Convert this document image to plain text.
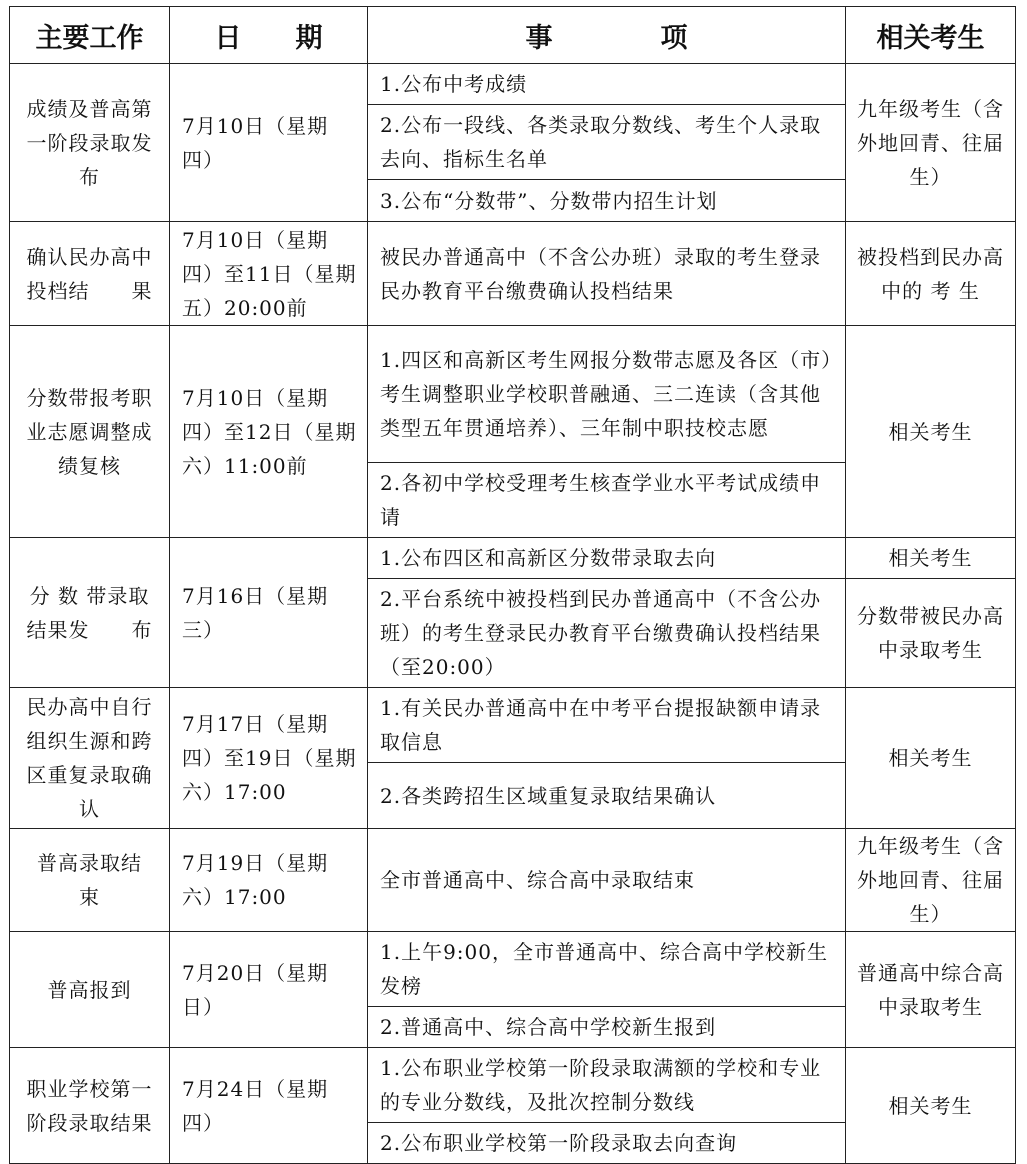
主要工作	日　　期	事　　　　项	相关考生
成绩及普高第一阶段录取发布	7月10日（星期四）	1.公布中考成绩	九年级考生（含外地回青、往届生）
		2.公布一段线、各类录取分数线、考生个人录取去向、指标生名单	
		3.公布“分数带”、分数带内招生计划	
确认民办高中投档结　　果	7月10日（星期四）至11日（星期五）20:00前	被民办普通高中（不含公办班）录取的考生登录民办教育平台缴费确认投档结果	被投档到民办高中的 考 生
分数带报考职业志愿调整成绩复核	7月10日（星期四）至12日（星期六）11:00前	1.四区和高新区考生网报分数带志愿及各区（市）考生调整职业学校职普融通、三二连读（含其他类型五年贯通培养）、三年制中职技校志愿	相关考生
		2.各初中学校受理考生核查学业水平考试成绩申请	
分 数 带录取结果发　　布	7月16日（星期三）	1.公布四区和高新区分数带录取去向	相关考生
		2.平台系统中被投档到民办普通高中（不含公办班）的考生登录民办教育平台缴费确认投档结果（至20:00）	分数带被民办高中录取考生
民办高中自行组织生源和跨区重复录取确认	7月17日（星期四）至19日（星期六）17:00	1.有关民办普通高中在中考平台提报缺额申请录取信息	相关考生
		2.各类跨招生区域重复录取结果确认	
普高录取结　　束	7月19日（星期六）17:00	全市普通高中、综合高中录取结束	九年级考生（含外地回青、往届生）
普高报到	7月20日（星期日）	1.上午9:00，全市普通高中、综合高中学校新生发榜	普通高中综合高中录取考生
		2.普通高中、综合高中学校新生报到	
职业学校第一阶段录取结果	7月24日（星期四）	1.公布职业学校第一阶段录取满额的学校和专业的专业分数线，及批次控制分数线	相关考生
		2.公布职业学校第一阶段录取去向查询	
